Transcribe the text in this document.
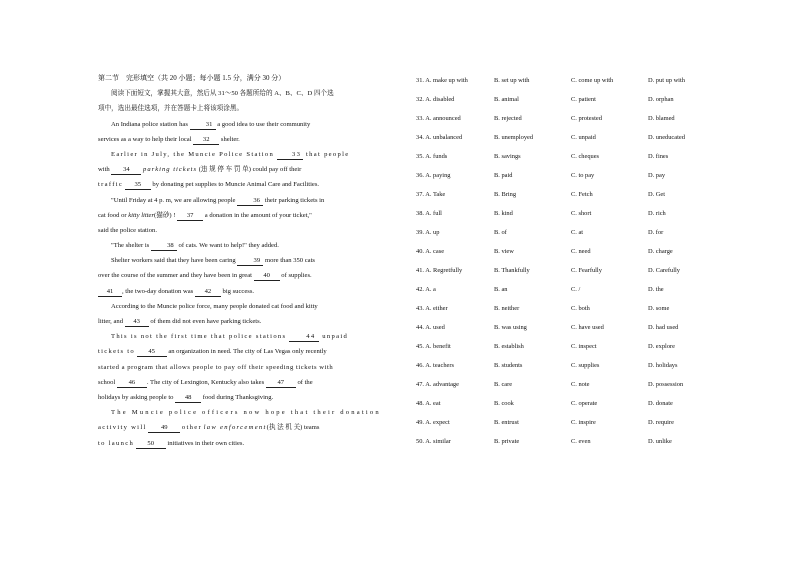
第二节　完形填空（共 20 小题；每小题 1.5 分，满分 30 分）
阅读下面短文，掌握其大意，然后从 31～50 各题所给的 A、B、C、D 四个选
项中，选出最佳选项，并在答题卡上将该项涂黑。
An Indiana police station has	31 a good idea to use their community
services as a way to help their local 32 shelter.
Earlier in July, the Muncie Police Station	33 that people
with 34 parking tickets (违 规 停 车 罚 单) could pay off their
traffic 35 by donating pet supplies to Muncie Animal Care and Facilities.
"Until Friday at 4 p. m, we are allowing people	36 their parking tickets in
cat food or kitty litter(猫砂) ! 37 a donation in the amount of your ticket,"
said the police station.
"The shelter is	38 of cats. We want to help!" they added.
Shelter workers said that they have been caring	39 more than 350 cats
over the course of the summer and they have been in great 40 of supplies.
41 , the two-day donation was 42 big success.
According to the Muncie police force, many people donated cat food and kitty
litter, and 43 of them did not even have parking tickets.
This is not the first time that police stations	44 unpaid
tickets to 45 an organization in need. The city of Las Vegas only recently
started a program that allows people to pay off their speeding tickets with
school 46 . The city of Lexington, Kentucky also takes 47 of the
holidays by asking people to 48 food during Thanksgiving.
The Muncie police officers now hope that their donation
activity will 49 other law enforcement(执 法 机 关) teams
to launch 50 initiatives in their own cities.
31. A. make up with	B. set up with	C. come up with	D. put up with
32. A. disabled	B. animal	C. patient	D. orphan
33. A. announced	B. rejected	C. protested	D. blamed
34. A. unbalanced	B. unemployed	C. unpaid	D. uneducated
35. A. funds	B. savings	C. cheques	D. fines
36. A. paying	B. paid	C. to pay	D. pay
37. A. Take	B. Bring	C. Fetch	D. Get
38. A. full	B. kind	C. short	D. rich
39. A. up	B. of	C. at	D. for
40. A. case	B. view	C. need	D. charge
41. A. Regretfully	B. Thankfully	C. Fearfully	D. Carefully
42. A. a	B. an	C. /	D. the
43. A. either	B. neither	C. both	D. some
44. A. used	B. was using	C. have used	D. had used
45. A. benefit	B. establish	C. inspect	D. explore
46. A. teachers	B. students	C. supplies	D. holidays
47. A. advantage	B. care	C. note	D. possession
48. A. eat	B. cook	C. operate	D. donate
49. A. expect	B. entrust	C. inspire	D. require
50. A. similar	B. private	C. even	D. unlike
